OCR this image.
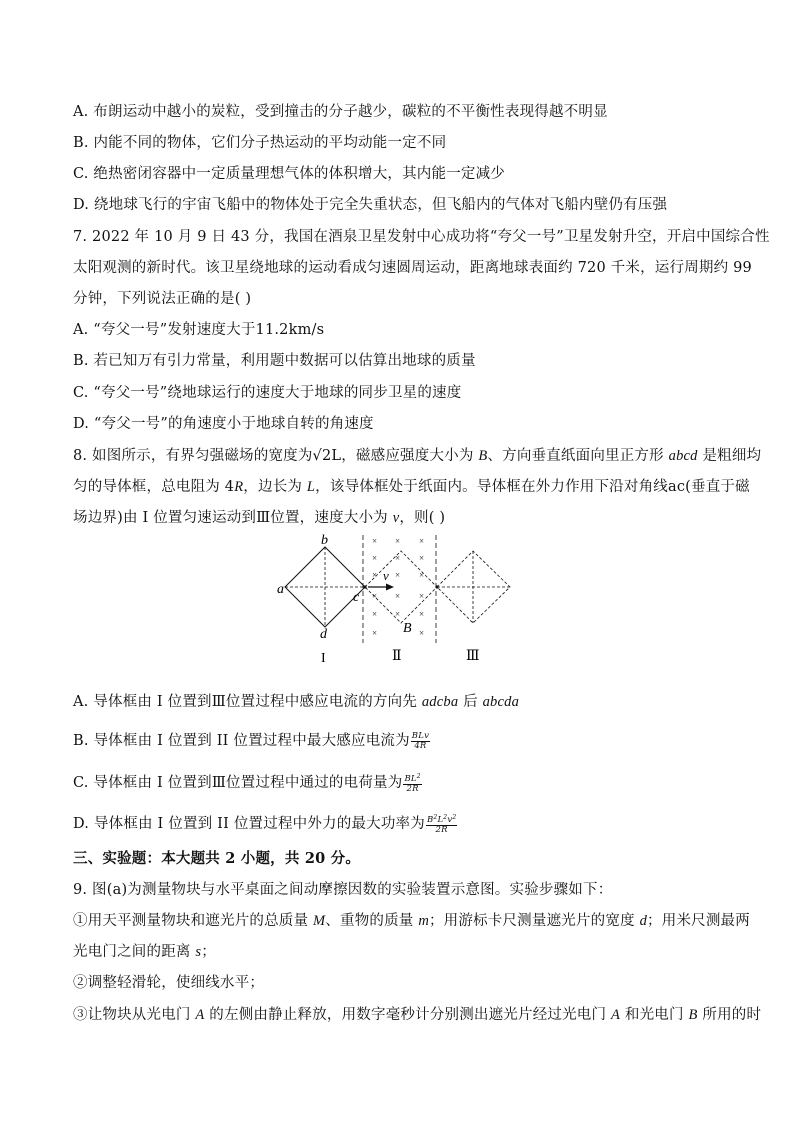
A. 布朗运动中越小的炭粒，受到撞击的分子越少，碳粒的不平衡性表现得越不明显
B. 内能不同的物体，它们分子热运动的平均动能一定不同
C. 绝热密闭容器中一定质量理想气体的体积增大，其内能一定减少
D. 绕地球飞行的宇宙飞船中的物体处于完全失重状态，但飞船内的气体对飞船内壁仍有压强
7. 2022 年 10 月 9 日 43 分，我国在酒泉卫星发射中心成功将“夸父一号”卫星发射升空，开启中国综合性
太阳观测的新时代。该卫星绕地球的运动看成匀速圆周运动，距离地球表面约 720 千米，运行周期约 99
分钟，下列说法正确的是( )
A. “夸父一号”发射速度大于11.2km/s
B. 若已知万有引力常量，利用题中数据可以估算出地球的质量
C. “夸父一号”绕地球运行的速度大于地球的同步卫星的速度
D. “夸父一号”的角速度小于地球自转的角速度
8. 如图所示，有界匀强磁场的宽度为√2L，磁感应强度大小为 B、方向垂直纸面向里正方形 abcd 是粗细均
匀的导体框，总电阻为 4R，边长为 L，该导体框处于纸面内。导体框在外力作用下沿对角线ac(垂直于磁
场边界)由 I 位置匀速运动到Ⅲ位置，速度大小为 v，则( )
× × ×
× × ×
× × ×
× × ×
× × ×
×	×
a
b
c
d
v
B
I	Ⅱ	Ⅲ
A. 导体框由 I 位置到Ⅲ位置过程中感应电流的方向先 adcba 后 abcda
B. 导体框由 I 位置到 II 位置过程中最大感应电流为 $\frac{\text{BLv}}{4R}$
C. 导体框由 I 位置到Ⅲ位置过程中通过的电荷量为 $\frac{BL^2}{2R}$
D. 导体框由 I 位置到 II 位置过程中外力的最大功率为 $\frac{B^2L^2v^2}{2R}$
三、实验题：本大题共 2 小题，共 20 分。
9. 图(a)为测量物块与水平桌面之间动摩擦因数的实验装置示意图。实验步骤如下：
①用天平测量物块和遮光片的总质量 M、重物的质量 m；用游标卡尺测量遮光片的宽度 d；用米尺测最两
光电门之间的距离 s；
②调整轻滑轮，使细线水平；
③让物块从光电门 A 的左侧由静止释放，用数字毫秒计分别测出遮光片经过光电门 A 和光电门 B 所用的时
